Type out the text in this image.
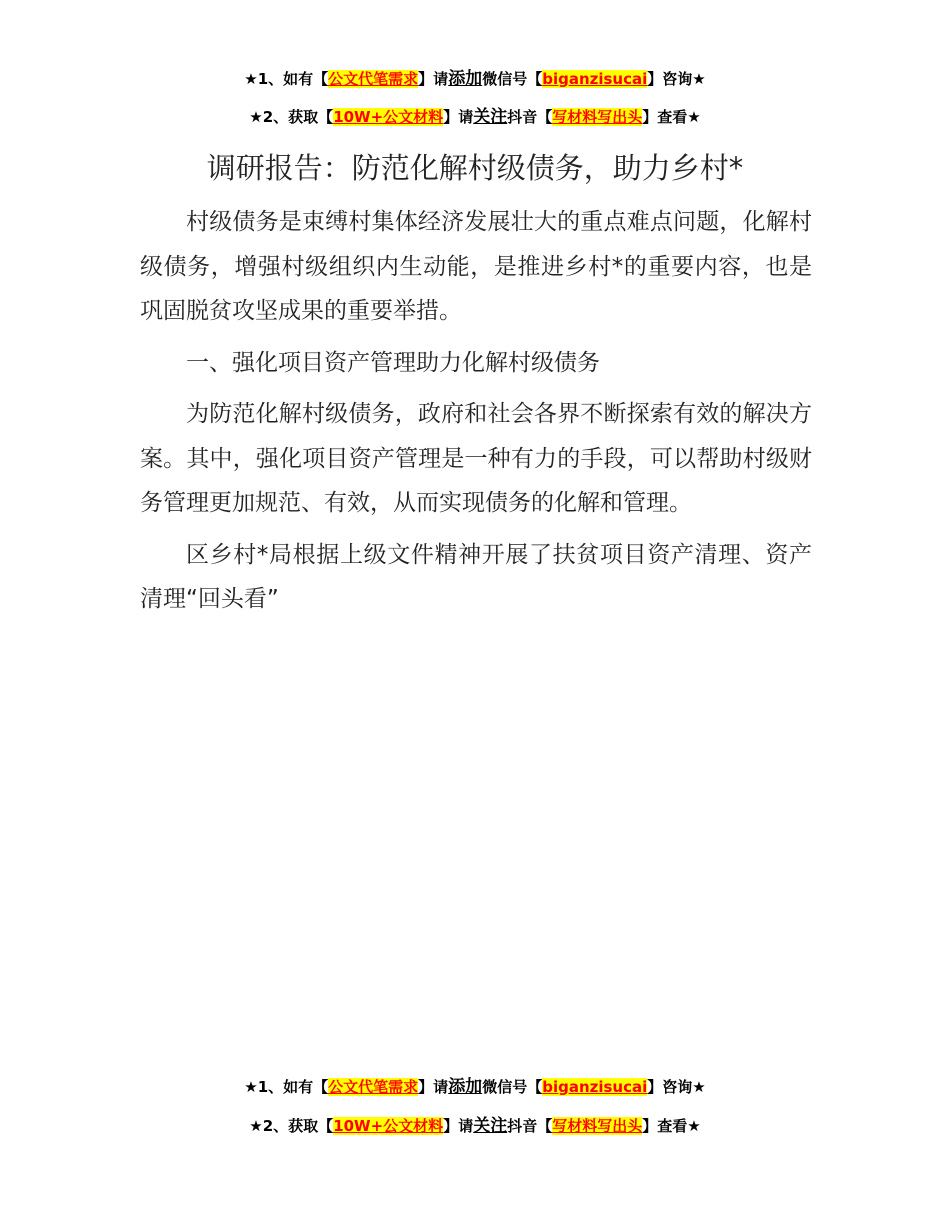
★1、如有【公文代笔需求】请添加微信号【biganzisucai】咨询★
★2、获取【10W+公文材料】请关注抖音【写材料写出头】查看★
调研报告：防范化解村级债务，助力乡村*

村级债务是束缚村集体经济发展壮大的重点难点问题，化解村级债务，增强村级组织内生动能，是推进乡村*的重要内容，也是巩固脱贫攻坚成果的重要举措。

一、强化项目资产管理助力化解村级债务

为防范化解村级债务，政府和社会各界不断探索有效的解决方案。其中，强化项目资产管理是一种有力的手段，可以帮助村级财务管理更加规范、有效，从而实现债务的化解和管理。

区乡村*局根据上级文件精神开展了扶贫项目资产清理、资产清理“回头看”

★1、如有【公文代笔需求】请添加微信号【biganzisucai】咨询★
★2、获取【10W+公文材料】请关注抖音【写材料写出头】查看★
